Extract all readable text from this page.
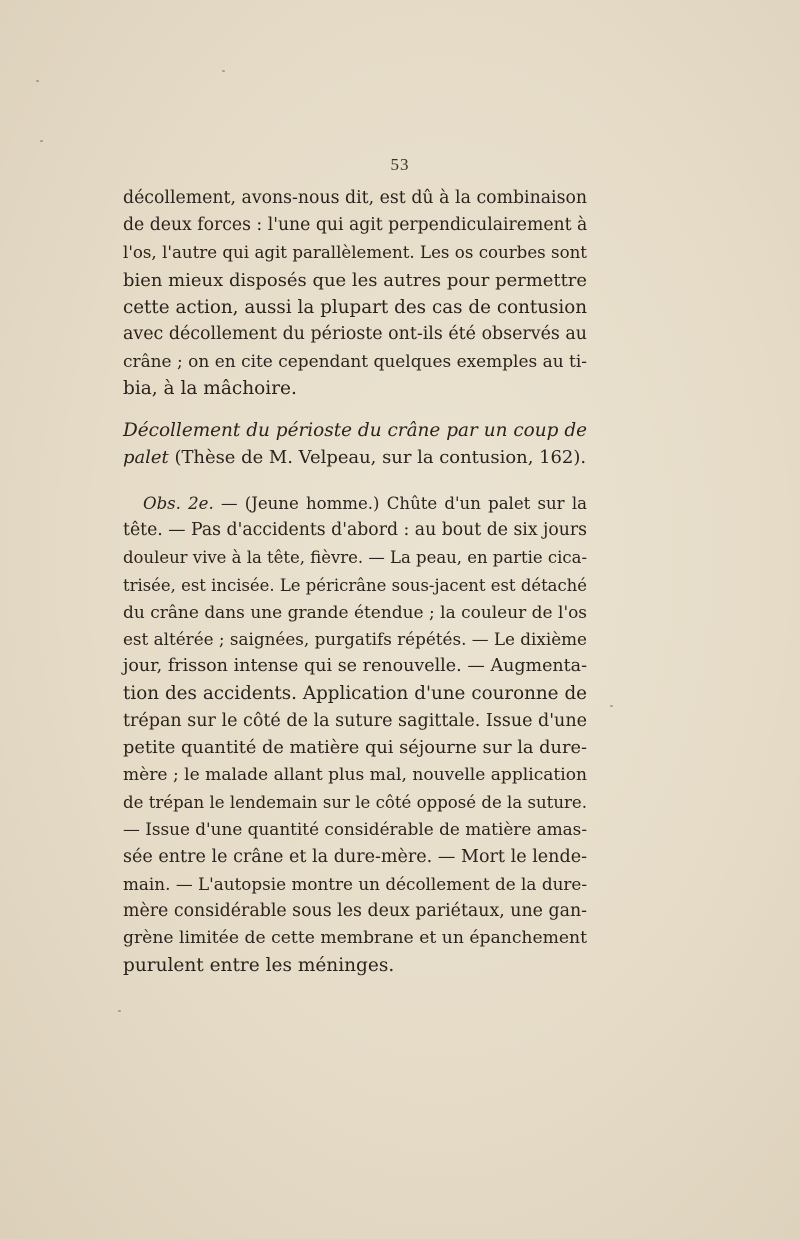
53
décollement, avons-nous dit, est dû à la combinaison
de deux forces : l'une qui agit perpendiculairement à
l'os, l'autre qui agit parallèlement. Les os courbes sont
bien mieux disposés que les autres pour permettre
cette action, aussi la plupart des cas de contusion
avec décollement du périoste ont-ils été observés au
crâne ; on en cite cependant quelques exemples au ti-
bia, à la mâchoire.
Décollement du périoste du crâne par un coup de
palet (Thèse de M. Velpeau, sur la contusion, 162).
Obs. 2e. — (Jeune homme.) Chûte d'un palet sur la
tête. — Pas d'accidents d'abord : au bout de six jours
douleur vive à la tête, fièvre. — La peau, en partie cica-
trisée, est incisée. Le péricrâne sous-jacent est détaché
du crâne dans une grande étendue ; la couleur de l'os
est altérée ; saignées, purgatifs répétés. — Le dixième
jour, frisson intense qui se renouvelle. — Augmenta-
tion des accidents. Application d'une couronne de
trépan sur le côté de la suture sagittale. Issue d'une
petite quantité de matière qui séjourne sur la dure-
mère ; le malade allant plus mal, nouvelle application
de trépan le lendemain sur le côté opposé de la suture.
— Issue d'une quantité considérable de matière amas-
sée entre le crâne et la dure-mère. — Mort le lende-
main. — L'autopsie montre un décollement de la dure-
mère considérable sous les deux pariétaux, une gan-
grène limitée de cette membrane et un épanchement
purulent entre les méninges.
